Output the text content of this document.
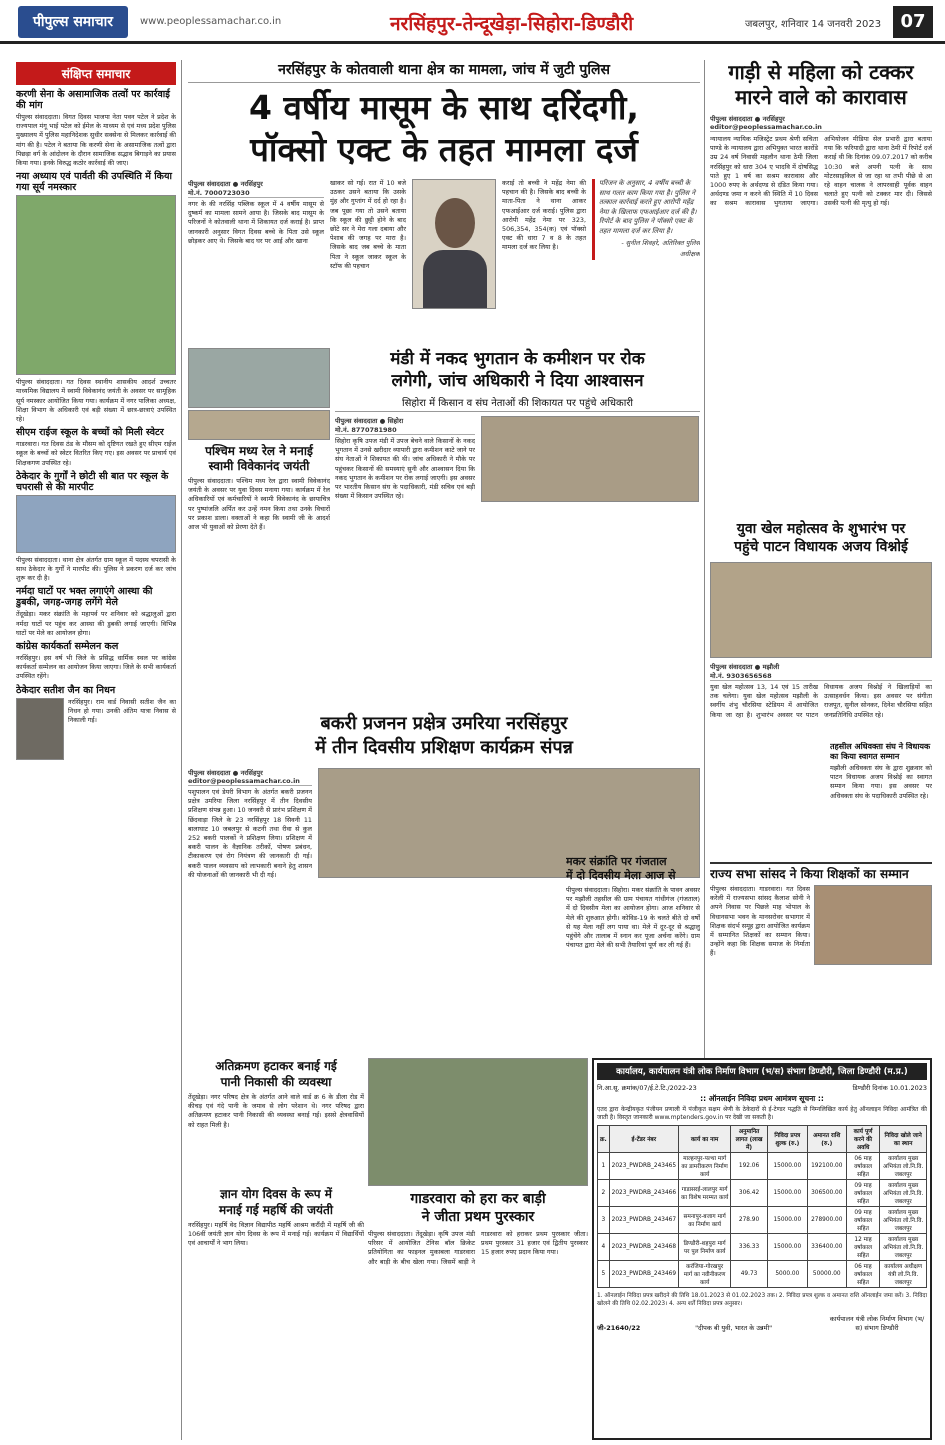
पीपुल्स समाचार	www.peoplessamachar.co.in	नरसिंहपुर-तेन्दूखेड़ा-सिहोरा-डिण्डौरी	जबलपुर, शनिवार 14 जनवरी 2023	07
संक्षिप्त समाचार
करणी सेना के असामाजिक तत्वों पर कार्रवाई की मांग
पीपुल्स संवाददाता। विगत दिवस भाजपा नेता पवन पटेल ने प्रदेश के राज्यपाल मंगू भाई पटेल को ईमेल के माध्यम से एवं मध्य प्रदेश पुलिस मुख्यालय में पुलिस महानिदेशक सुधीर सक्सेना से मिलकर कार्रवाई की मांग की है। पटेल ने बताया कि करणी सेना के असामाजिक तत्वों द्वारा पिछड़ा वर्ग के आंदोलन के दौरान सामाजिक सद्भाव बिगाड़ने का प्रयास किया गया। इनके विरुद्ध कठोर कार्रवाई की जाए।
नया अध्याय एवं पार्वती की उपस्थिति में किया गया सूर्य नमस्कार
पीपुल्स संवाददाता। गत दिवस स्थानीय शासकीय आदर्श उच्चतर माध्यमिक विद्यालय में स्वामी विवेकानंद जयंती के अवसर पर सामूहिक सूर्य नमस्कार आयोजित किया गया। कार्यक्रम में नगर पालिका अध्यक्ष, शिक्षा विभाग के अधिकारी एवं बड़ी संख्या में छात्र-छात्राएं उपस्थित रहे।
सीएम राईज स्कूल के बच्चों को मिली स्वेटर
गाडरवारा। गत दिवस ठंड के मौसम को दृष्टिगत रखते हुए सीएम राईज स्कूल के बच्चों को स्वेटर वितरित किए गए। इस अवसर पर प्राचार्य एवं शिक्षकगण उपस्थित रहे।
ठेकेदार के गुर्गों ने छोटी सी बात पर स्कूल के चपरासी से की मारपीट
पीपुल्स संवाददाता। थाना क्षेत्र अंतर्गत ग्राम स्कूल में पदस्थ चपरासी के साथ ठेकेदार के गुर्गों ने मारपीट की। पुलिस ने प्रकरण दर्ज कर जांच शुरू कर दी है।
नर्मदा घाटों पर भक्त लगाएंगे आस्था की डुबकी, जगह-जगह लगेंगे मेले
तेंदूखेड़ा। मकर संक्रांति के महापर्व पर शनिवार को श्रद्धालुओं द्वारा नर्मदा घाटों पर पहुंच कर आस्था की डुबकी लगाई जाएगी। विभिन्न घाटों पर मेले का आयोजन होगा।
कांग्रेस कार्यकर्ता सम्मेलन कल
नरसिंहपुर। इस वर्ष भी जिले के प्रसिद्ध धार्मिक स्थल पर कांग्रेस कार्यकर्ता सम्मेलन का आयोजन किया जाएगा। जिले के सभी कार्यकर्ता उपस्थित रहेंगे।
ठेकेदार सतीश जैन का निधन
नरसिंहपुर। राम वार्ड निवासी सतीश जैन का निधन हो गया। उनकी अंतिम यात्रा निवास से निकाली गई।
नरसिंहपुर के कोतवाली थाना क्षेत्र का मामला, जांच में जुटी पुलिस
4 वर्षीय मासूम के साथ दरिंदगी,
पॉक्सो एक्ट के तहत मामला दर्ज
पीपुल्स संवाददाता ● नरसिंहपुर
मो.नं. 7000723030
नगर के की नरसिंह पब्लिक स्कूल में 4 वर्षीय मासूम से दुष्कर्म का मामला सामने आया है। जिसके बाद मासूम के परिजनों ने कोतवाली थाना में शिकायत दर्ज कराई है। प्राप्त जानकारी अनुसार विगत दिवस बच्चे के पिता उसे स्कूल छोड़कर आए थे। जिसके बाद घर पर आई और खाना
खाकर सो गई। रात में 10 बजे उठकर उसने बताया कि उसके मुंह और गुप्तांग में दर्द हो रहा है। जब पूछा गया तो उसने बताया कि स्कूल की छुट्टी होने के बाद छोटे सर ने मेरा गला दबाया और पेशाब की जगह पर मारा है। जिसके बाद जब बच्चे के माता पिता ने स्कूल जाकर स्कूल के स्टॉफ की पहचान
कराई तो बच्ची ने महेंद्र नेमा की पहचान की है। जिसके बाद बच्ची के माता-पिता ने थाना आकर एफआईआर दर्ज कराई। पुलिस द्वारा आरोपी महेंद्र नेमा पर 323, 506,354, 354(क) एवं पॉक्सो एक्ट की धारा 7 व 8 के तहत मामला दर्ज कर लिया है।
परिजन के अनुसार, 4 वर्षीय बच्ची के साथ गलत काम किया गया है। पुलिस ने तत्काल कार्रवाई करते हुए आरोपी महेंद्र नेमा के खिलाफ एफआईआर दर्ज की है। रिपोर्ट के बाद पुलिस ने पॉक्सो एक्ट के तहत मामला दर्ज कर लिया है।
- सुनील शिवहरे, अतिरिक्त पुलिस अधीक्षक
गाड़ी से महिला को टक्कर
मारने वाले को कारावास
पीपुल्स संवाददाता ● नरसिंहपुर
editor@peoplessamachar.co.in
न्यायालय न्यायिक मजिस्ट्रेट प्रथम श्रेणी सचिता पाण्डे के न्यायालय द्वारा अभियुक्त भारत कारोंडे उम्र 24 वर्ष निवासी महलौन थाना ठेमी जिला नरसिंहपुर को धारा 304 ए भादवि में दोषसिद्ध पाते हुए 1 वर्ष का सश्रम कारावास और 1000 रुपए के अर्थदण्ड से दंडित किया गया। अर्थदण्ड जमा न करने की स्थिति में 10 दिवस का सश्रम कारावास भुगताया जाएगा। अभियोजन मीडिया सेल प्रभारी द्वारा बताया गया कि फरियादी द्वारा थाना ठेमी में रिपोर्ट दर्ज कराई थी कि दिनांक 09.07.2017 को करीब 10:30 बजे अपनी पत्नी के साथ मोटरसाइकिल से जा रहा था तभी पीछे से आ रहे वाहन चालक ने लापरवाही पूर्वक वाहन चलाते हुए पत्नी को टक्कर मार दी। जिससे उसकी पत्नी की मृत्यु हो गई।
मंडी में नकद भुगतान के कमीशन पर रोक
लगेगी, जांच अधिकारी ने दिया आश्वासन
सिहोरा में किसान व संघ नेताओं की शिकायत पर पहुंचे अधिकारी
पीपुल्स संवाददाता ● सिहोरा
मो.नं. 8770781980
सिहोरा कृषि उपज मंडी में उपज बेचने वाले किसानों के नकद भुगतान में उनसे खरीदार व्यापारी द्वारा कमीशन काटे जाने पर संघ नेताओं ने शिकायत की थी। जांच अधिकारी ने मौके पर पहुंचकर किसानों की समस्याएं सुनी और आश्वासन दिया कि नकद भुगतान के कमीशन पर रोक लगाई जाएगी। इस अवसर पर भारतीय किसान संघ के पदाधिकारी, मंडी सचिव एवं बड़ी संख्या में किसान उपस्थित रहे।
पश्चिम मध्य रेल ने मनाई
स्वामी विवेकानंद जयंती
पीपुल्स संवाददाता। पश्चिम मध्य रेल द्वारा स्वामी विवेकानंद जयंती के अवसर पर युवा दिवस मनाया गया। कार्यक्रम में रेल अधिकारियों एवं कर्मचारियों ने स्वामी विवेकानंद के छायाचित्र पर पुष्पांजलि अर्पित कर उन्हें नमन किया तथा उनके विचारों पर प्रकाश डाला। वक्ताओं ने कहा कि स्वामी जी के आदर्श आज भी युवाओं को प्रेरणा देते हैं।	युवा खेल महोत्सव के शुभारंभ पर
पहुंचे पाटन विधायक अजय विश्नोई
पीपुल्स संवाददाता ● मझौली
मो.नं. 9303656568
युवा खेल महोत्सव 13, 14 एवं 15 तारीख तक चलेगा। युवा खेल महोत्सव मझौली के स्वर्गीय शंभु चौरसिया स्टेडियम में आयोजित किया जा रहा है। शुभारंभ अवसर पर पाटन विधायक अजय विश्नोई ने खिलाड़ियों का उत्साहवर्धन किया। इस अवसर पर संगीता राजपूत, सुनील सोनकर, दिनेश चौरसिया सहित जनप्रतिनिधि उपस्थित रहे।
तहसील अधिवक्ता संघ ने विधायक का किया स्वागत सम्मान
मझौली अधिवक्ता संघ के द्वारा शुक्रवार को पाटन विधायक अजय विश्नोई का स्वागत सम्मान किया गया। इस अवसर पर अधिवक्ता संघ के पदाधिकारी उपस्थित रहे।
राज्य सभा सांसद ने किया शिक्षकों का सम्मान
पीपुल्स संवाददाता। गाडरवारा। गत दिवस करेली में राज्यसभा सांसद कैलाश सोनी ने अपने निवास पर पिछले माह भोपाल के विधानसभा भवन के मानसरोवर सभागार में शिक्षक संदर्भ समूह द्वारा आयोजित कार्यक्रम में सम्मानित शिक्षकों का सम्मान किया। उन्होंने कहा कि शिक्षक समाज के निर्माता हैं।
बकरी प्रजनन प्रक्षेत्र उमरिया नरसिंहपुर
में तीन दिवसीय प्रशिक्षण कार्यक्रम संपन्न
पीपुल्स संवाददाता ● नरसिंहपुर
editor@peoplessamachar.co.in
पशुपालन एवं डेयरी विभाग के अंतर्गत बकरी प्रजनन प्रक्षेत्र उमरिया जिला नरसिंहपुर में तीन दिवसीय प्रशिक्षण संपन्न हुआ। 10 जनवरी से प्रारंभ प्रशिक्षण में छिंदवाड़ा जिले के 23 नरसिंहपुर 18 सिवनी 11 बालाघाट 10 जबलपुर से कटनी तथा रीवा से कुल 252 बकरी पालकों ने प्रशिक्षण लिया। प्रशिक्षण में बकरी पालन के वैज्ञानिक तरीकों, पोषण प्रबंधन, टीकाकरण एवं रोग नियंत्रण की जानकारी दी गई। बकरी पालन व्यवसाय को लाभकारी बनाने हेतु शासन की योजनाओं की जानकारी भी दी गई।
मकर संक्रांति पर गंजताल
में दो दिवसीय मेला आज से
पीपुल्स संवाददाता। सिहोरा। मकर संक्रांति के पावन अवसर पर मझौली तहसील की ग्राम पंचायत गांधीगंज (गंजताल) में दो दिवसीय मेला का आयोजन होगा। आज शनिवार से मेले की शुरुआत होगी। कोविड-19 के चलते बीते दो वर्षों से यह मेला नहीं लग पाया था। मेले में दूर-दूर से श्रद्धालु पहुंचेंगे और तालाब में स्नान कर पूजा अर्चना करेंगे। ग्राम पंचायत द्वारा मेले की सभी तैयारियां पूर्ण कर ली गई हैं।
अतिक्रमण हटाकर बनाई गई
पानी निकासी की व्यवस्था
तेंदूखेड़ा। नगर परिषद क्षेत्र के अंतर्गत आने वाले वार्ड क्र 6 के डीला रोड में कीचड़ एवं गंदे पानी के जमाव से लोग परेशान थे। नगर परिषद द्वारा अतिक्रमण हटाकर पानी निकासी की व्यवस्था बनाई गई। इससे क्षेत्रवासियों को राहत मिली है।
ज्ञान योग दिवस के रूप में
मनाई गई महर्षि की जयंती
नरसिंहपुर। महर्षि वेद विज्ञान विद्यापीठ महर्षि आश्रम करौंदी में महर्षि जी की 106वीं जयंती ज्ञान योग दिवस के रूप में मनाई गई। कार्यक्रम में विद्यार्थियों एवं आचार्यों ने भाग लिया।
गाडरवारा को हरा कर बाड़ी
ने जीता प्रथम पुरस्कार
पीपुल्स संवाददाता। तेंदूखेड़ा। कृषि उपज मंडी परिसर में आयोजित टेनिस बॉल क्रिकेट प्रतियोगिता का फाइनल मुकाबला गाडरवारा और बाड़ी के बीच खेला गया। जिसमें बाड़ी ने गाडरवारा को हराकर प्रथम पुरस्कार जीता। प्रथम पुरस्कार 31 हजार एवं द्वितीय पुरस्कार 15 हजार रुपए प्रदान किया गया।
कार्यालय, कार्यपालन यंत्री लोक निर्माण विभाग (भ/स) संभाग डिण्डौरी, जिला डिण्डौरी (म.प्र.)
नि.आ.सू. क्रमांक/07/ई.टे.टि./2022-23	डिण्डौरी दिनांक 10.01.2023
:: ऑनलाईन निविदा प्रथम आमंत्रण सूचना ::
एतद द्वारा केन्द्रीयकृत पंजीयन प्रणाली में पंजीकृत सक्षम श्रेणी के ठेकेदारों से ई-टेण्डर पद्धति से निम्नलिखित कार्य हेतु ऑनलाइन निविदा आमंत्रित की जाती है। विस्तृत जानकारी www.mptenders.gov.in पर देखी जा सकती है।
क्र.	ई-टेंडर नंबर	कार्य का नाम	अनुमानित लागत (लाख में)	निविदा प्रपत्र शुल्क (रु.)	अमानत राशि (रु.)	कार्य पूर्ण करने की अवधि	निविदा खोले जाने का स्थान
1	2023_PWDRB_243465	माल्हनपुर-पल्था मार्ग का डामरीकरण निर्माण कार्य	192.06	15000.00	192100.00	06 माह वर्षाकाल सहित	कार्यालय मुख्य अभियंता लो.नि.वि. जबलपुर
2	2023_PWDRB_243466	गाडासरई-लालपुर मार्ग का विशेष मरम्मत कार्य	306.42	15000.00	306500.00	09 माह वर्षाकाल सहित	कार्यालय मुख्य अभियंता लो.नि.वि. जबलपुर
3	2023_PWDRB_243467	समनापुर-बजाग मार्ग का निर्माण कार्य	278.90	15000.00	278900.00	09 माह वर्षाकाल सहित	कार्यालय मुख्य अभियंता लो.नि.वि. जबलपुर
4	2023_PWDRB_243468	डिण्डौरी-शहपुरा मार्ग पर पुल निर्माण कार्य	336.33	15000.00	336400.00	12 माह वर्षाकाल सहित	कार्यालय मुख्य अभियंता लो.नि.वि. जबलपुर
5	2023_PWDRB_243469	करंजिया-गोरखपुर मार्ग का नवीनीकरण कार्य	49.73	5000.00	50000.00	06 माह वर्षाकाल सहित	कार्यालय अधीक्षण यंत्री लो.नि.वि. जबलपुर
1. ऑनलाईन निविदा प्रपत्र खरीदने की तिथि 18.01.2023 से 01.02.2023 तक। 2. निविदा प्रपत्र शुल्क व अमानत राशि ऑनलाईन जमा करें। 3. निविदा खोलने की तिथि 02.02.2023। 4. अन्य शर्तें निविदा प्रपत्र अनुसार।
जी-21640/22	"दीपक बी युवी, भारत के उन्नमी"
कार्यपालन यंत्री लोक निर्माण विभाग (भ/स) संभाग डिण्डौरी
